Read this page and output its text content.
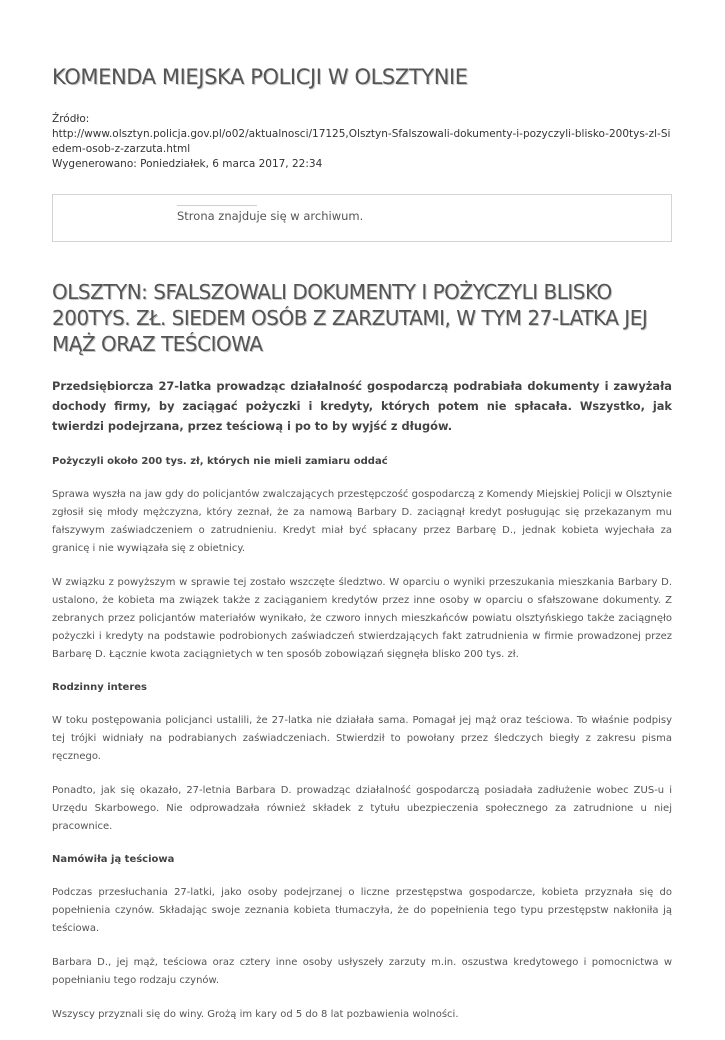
KOMENDA MIEJSKA POLICJI W OLSZTYNIE
Źródło:
http://www.olsztyn.policja.gov.pl/o02/aktualnosci/17125,Olsztyn-Sfalszowali-dokumenty-i-pozyczyli-blisko-200tys-zl-Siedem-osob-z-zarzuta.html
Wygenerowano: Poniedziałek, 6 marca 2017, 22:34
Strona znajduje się w archiwum.
OLSZTYN: SFALSZOWALI DOKUMENTY I POŻYCZYLI BLISKO 200TYS. ZŁ. SIEDEM OSÓB Z ZARZUTAMI, W TYM 27-LATKA JEJ MĄŻ ORAZ TEŚCIOWA

Przedsiębiorcza 27-latka prowadząc działalność gospodarczą podrabiała dokumenty i zawyżała dochody firmy, by zaciągać pożyczki i kredyty, których potem nie spłacała. Wszystko, jak twierdzi podejrzana, przez teściową i po to by wyjść z długów.

Pożyczyli około 200 tys. zł, których nie mieli zamiaru oddać

Sprawa wyszła na jaw gdy do policjantów zwalczających przestępczość gospodarczą z Komendy Miejskiej Policji w Olsztynie zgłosił się młody mężczyzna, który zeznał, że za namową Barbary D. zaciągnął kredyt posługując się przekazanym mu fałszywym zaświadczeniem o zatrudnieniu. Kredyt miał być spłacany przez Barbarę D., jednak kobieta wyjechała za granicę i nie wywiązała się z obietnicy.

W związku z powyższym w sprawie tej zostało wszczęte śledztwo. W oparciu o wyniki przeszukania mieszkania Barbary D. ustalono, że kobieta ma związek także z zaciąganiem kredytów przez inne osoby w oparciu o sfałszowane dokumenty. Z zebranych przez policjantów materiałów wynikało, że czworo innych mieszkańców powiatu olsztyńskiego także zaciągnęło pożyczki i kredyty na podstawie podrobionych zaświadczeń stwierdzających fakt zatrudnienia w firmie prowadzonej przez Barbarę D. Łącznie kwota zaciągnietych w ten sposób zobowiązań sięgnęła blisko 200 tys. zł.

Rodzinny interes

W toku postępowania policjanci ustalili, że 27-latka nie działała sama. Pomagał jej mąż oraz teściowa. To właśnie podpisy tej trójki widniały na podrabianych zaświadczeniach. Stwierdził to powołany przez śledczych biegły z zakresu pisma ręcznego.

Ponadto, jak się okazało, 27-letnia Barbara D. prowadząc działalność gospodarczą posiadała zadłużenie wobec ZUS-u i Urzędu Skarbowego. Nie odprowadzała również składek z tytułu ubezpieczenia społecznego za zatrudnione u niej pracownice.

Namówiła ją teściowa

Podczas przesłuchania 27-latki, jako osoby podejrzanej o liczne przestępstwa gospodarcze, kobieta przyznała się do popełnienia czynów. Składając swoje zeznania kobieta tłumaczyła, że do popełnienia tego typu przestępstw nakłoniła ją teściowa.

Barbara D., jej mąż, teściowa oraz cztery inne osoby usłyszeły zarzuty m.in. oszustwa kredytowego i pomocnictwa w popełnianiu tego rodzaju czynów.

Wszyscy przyznali się do winy. Grożą im kary od 5 do 8 lat pozbawienia wolności.
